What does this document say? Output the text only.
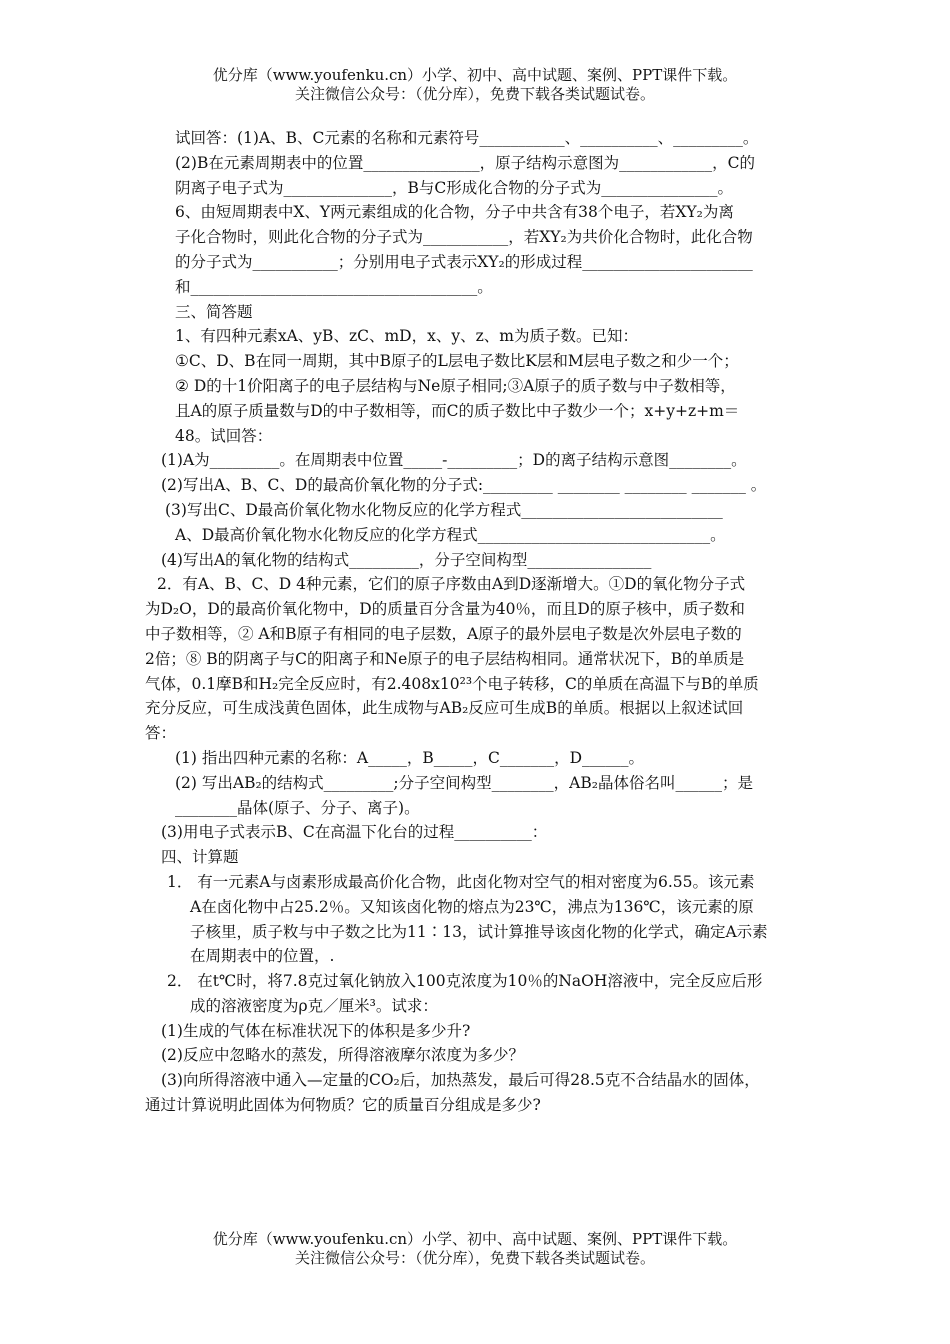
优分库（www.youfenku.cn）小学、初中、高中试题、案例、PPT课件下载。
关注微信公众号：（优分库），免费下载各类试题试卷。
试回答：(1)A、B、C元素的名称和元素符号___________、__________、_________。
(2)B在元素周期表中的位置_______________，原子结构示意图为____________，C的
阴离子电子式为______________，B与C形成化合物的分子式为_______________。
6、由短周期表中X、Y两元素组成的化合物，分子中共含有38个电子，若XY₂为离
子化合物时，则此化合物的分子式为___________，若XY₂为共价化合物时，此化合物
的分子式为___________；分别用电子式表示XY₂的形成过程______________________
和_____________________________________。
三、简答题
1、有四种元素xA、yB、zC、mD，x、y、z、m为质子数。已知：
①C、D、B在同一周期，其中B原子的L层电子数比K层和M层电子数之和少一个；
② D的十1价阳离子的电子层结构与Ne原子相同;③A原子的质子数与中子数相等，
且A的原子质量数与D的中子数相等，而C的质子数比中子数少一个；x+y+z+m＝
48。试回答：
(1)A为_________。在周期表中位置_____-_________；D的离子结构示意图________。
(2)写出A、B、C、D的最高价氧化物的分子式:_________ ________ ________ _______ 。
(3)写出C、D最高价氧化物水化物反应的化学方程式__________________________
A、D最高价氧化物水化物反应的化学方程式______________________________。
(4)写出A的氧化物的结构式_________，分子空间构型________________
2．有A、B、C、D 4种元素，它们的原子序数由A到D逐渐增大。①D的氧化物分子式
为D₂O，D的最高价氧化物中，D的质量百分含量为40％，而且D的原子核中，质子数和
中子数相等，② A和B原子有相同的电子层数，A原子的最外层电子数是次外层电子数的
2倍；⑧ B的阴离子与C的阳离子和Ne原子的电子层结构相同。通常状况下，B的单质是
气体，0.1摩B和H₂完全反应时，有2.408x10²³个电子转移，C的单质在高温下与B的单质
充分反应，可生成浅黄色固体，此生成物与AB₂反应可生成B的单质。根据以上叙述试回
答：
(1) 指出四种元素的名称：A_____，B_____，C_______，D______。
(2) 写出AB₂的结构式_________;分子空间构型________，AB₂晶体俗名叫______；是
________晶体(原子、分子、离子)。
(3)用电子式表示B、C在高温下化台的过程__________：
四、计算题
1． 有一元素A与卤素形成最高价化合物，此卤化物对空气的相对密度为6.55。该元素
A在卤化物中占25.2％。又知该卤化物的熔点为23℃，沸点为136℃，该元素的原
子核里，质子敉与中子数之比为11∶13，试计算推导该卤化物的化学式，确定A示素
在周期表中的位置，.
2． 在t℃时，将7.8克过氧化钠放入100克浓度为10％的NaOH溶液中，完全反应后形
成的溶液密度为ρ克／厘米³。试求：
(1)生成的气体在标准状况下的体积是多少升?
(2)反应中忽略水的蒸发，所得溶液摩尔浓度为多少？
(3)向所得溶液中通入—定量的CO₂后，加热蒸发，最后可得28.5克不合结晶水的固体，
通过计算说明此固体为何物质？它的质量百分组成是多少?
优分库（www.youfenku.cn）小学、初中、高中试题、案例、PPT课件下载。
关注微信公众号：（优分库），免费下载各类试题试卷。
